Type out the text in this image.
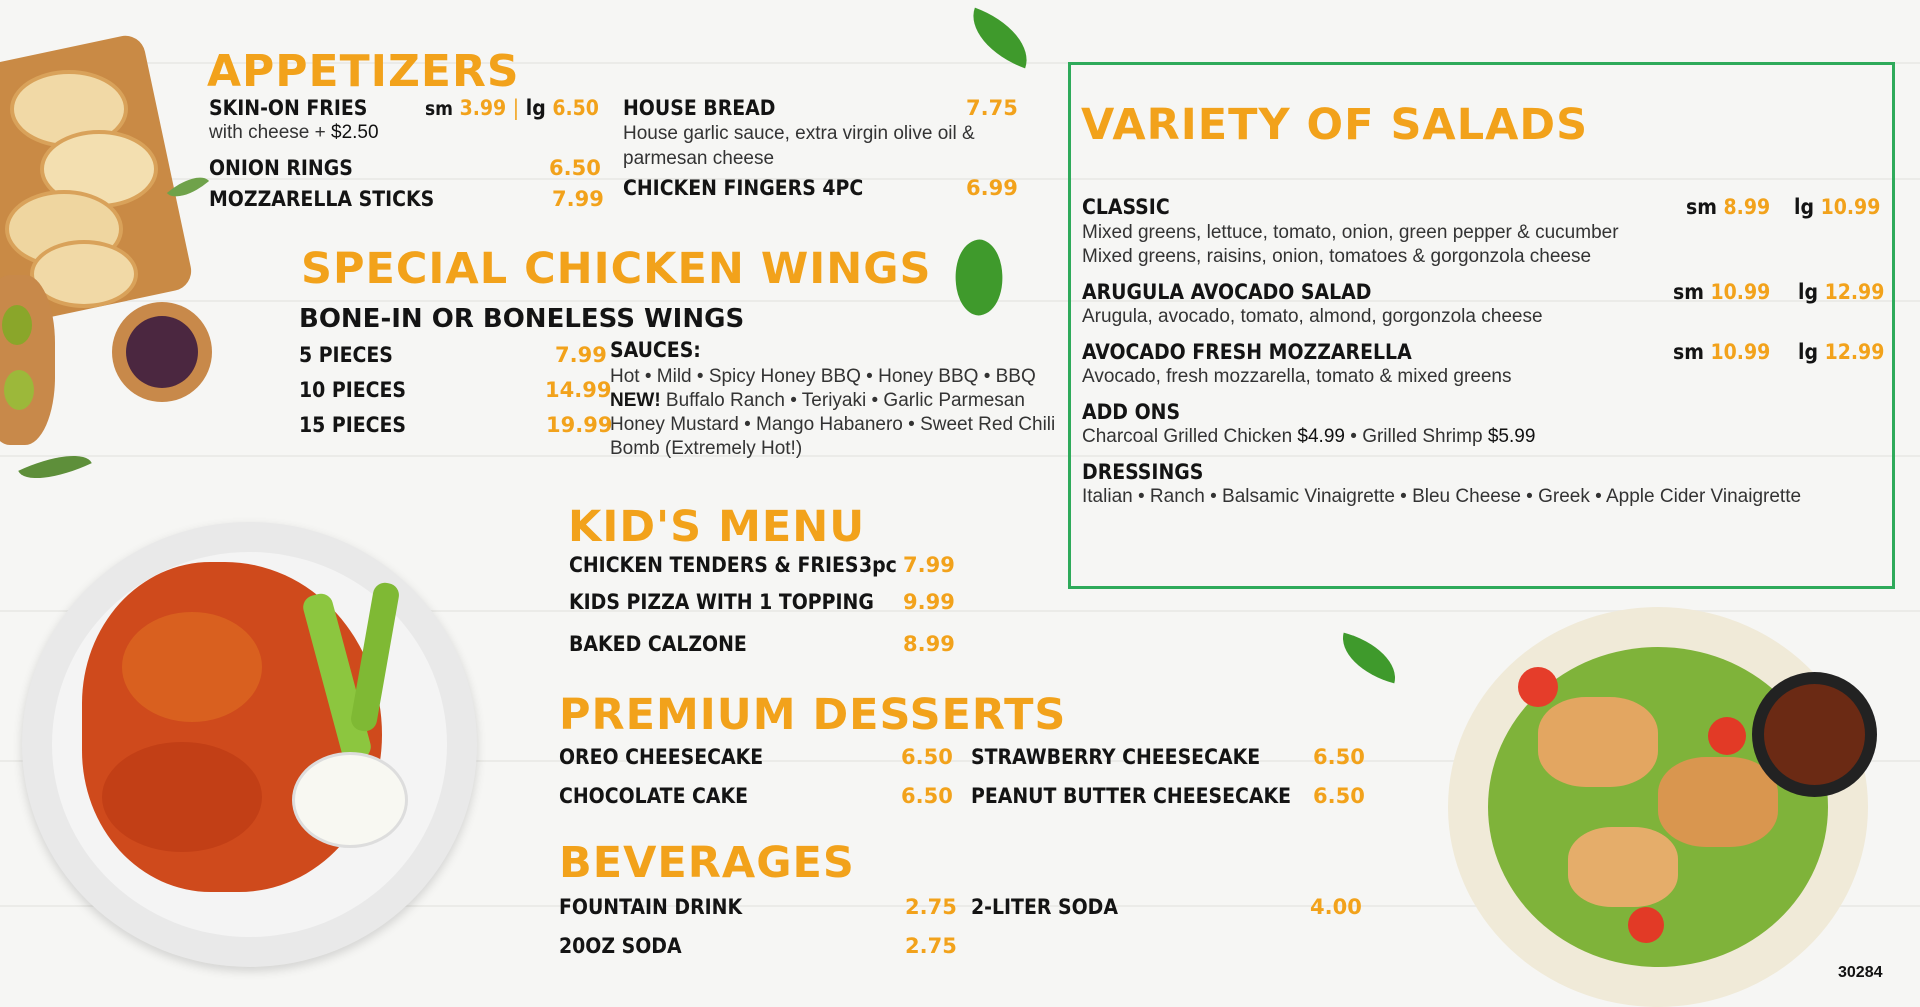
APPETIZERS
SKIN-ON FRIES	sm 3.99 | lg 6.50
with cheese + $2.50
ONION RINGS	6.50
MOZZARELLA STICKS	7.99
HOUSE BREAD	7.75
House garlic sauce, extra virgin olive oil &
parmesan cheese
CHICKEN FINGERS 4PC	6.99
SPECIAL CHICKEN WINGS
BONE-IN OR BONELESS WINGS
5 PIECES	7.99
10 PIECES	14.99
15 PIECES	19.99
SAUCES:
Hot • Mild • Spicy Honey BBQ • Honey BBQ • BBQ
NEW! Buffalo Ranch • Teriyaki • Garlic Parmesan
Honey Mustard • Mango Habanero • Sweet Red Chili
Bomb (Extremely Hot!)
KID'S MENU
CHICKEN TENDERS & FRIES 3pc 7.99
KIDS PIZZA WITH 1 TOPPING 9.99
BAKED CALZONE	8.99
PREMIUM DESSERTS
OREO CHEESECAKE	6.50
CHOCOLATE CAKE	6.50
STRAWBERRY CHEESECAKE	6.50
PEANUT BUTTER CHEESECAKE 6.50
BEVERAGES
FOUNTAIN DRINK	2.75
20OZ SODA	2.75
2-LITER SODA	4.00
VARIETY OF SALADS
CLASSIC	sm 8.99 lg 10.99
Mixed greens, lettuce, tomato, onion, green pepper & cucumber
Mixed greens, raisins, onion, tomatoes & gorgonzola cheese
ARUGULA AVOCADO SALAD	sm 10.99 lg 12.99
Arugula, avocado, tomato, almond, gorgonzola cheese
AVOCADO FRESH MOZZARELLA	sm 10.99 lg 12.99
Avocado, fresh mozzarella, tomato & mixed greens
ADD ONS
Charcoal Grilled Chicken $4.99 • Grilled Shrimp $5.99
DRESSINGS
Italian • Ranch • Balsamic Vinaigrette • Bleu Cheese • Greek • Apple Cider Vinaigrette
30284
